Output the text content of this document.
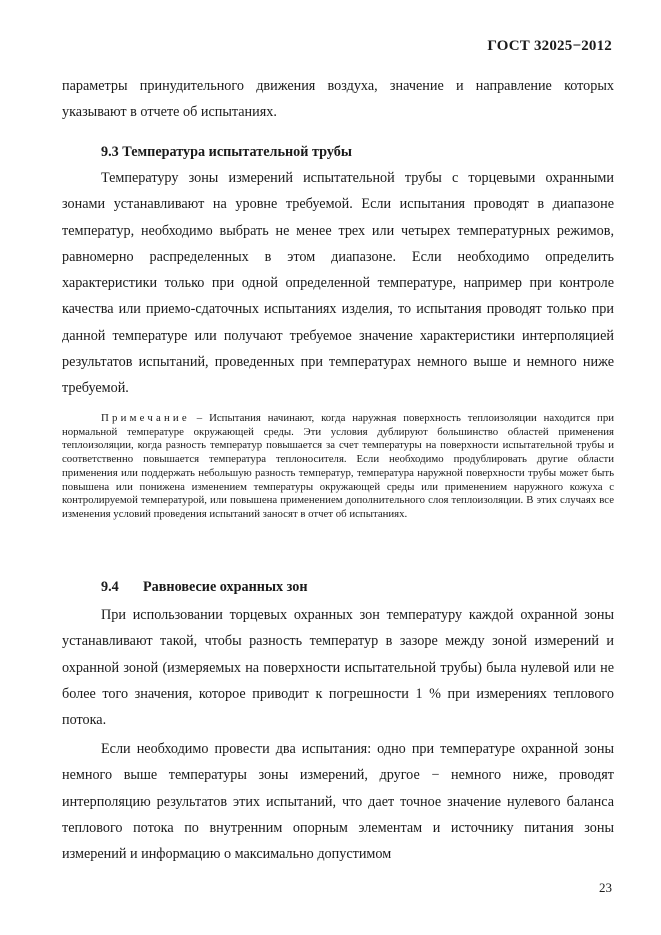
ГОСТ 32025−2012

параметры принудительного движения воздуха, значение и направление которых указывают в отчете об испытаниях.

9.3 Температура испытательной трубы

Температуру зоны измерений испытательной трубы с торцевыми охранными зонами устанавливают на уровне требуемой. Если испытания проводят в диапазоне температур, необходимо выбрать не менее трех или четырех температурных режимов, равномерно распределенных в этом диапазоне. Если необходимо определить характеристики только при одной определенной температуре, например при контроле качества или приемо-сдаточных испытаниях изделия, то испытания проводят только при данной температуре или получают требуемое значение характеристики интерполяцией результатов испытаний, проведенных при температурах немного выше и немного ниже требуемой.

Примечание – Испытания начинают, когда наружная поверхность теплоизоляции находится при нормальной температуре окружающей среды. Эти условия дублируют большинство областей применения теплоизоляции, когда разность температур повышается за счет температуры на поверхности испытательной трубы и соответственно повышается температура теплоносителя. Если необходимо продублировать другие области применения или поддержать небольшую разность температур, температура наружной поверхности трубы может быть повышена или понижена изменением температуры окружающей среды или применением наружного кожуха с контролируемой температурой, или повышена применением дополнительного слоя теплоизоляции. В этих случаях все изменения условий проведения испытаний заносят в отчет об испытаниях.

9.4 Равновесие охранных зон

При использовании торцевых охранных зон температуру каждой охранной зоны устанавливают такой, чтобы разность температур в зазоре между зоной измерений и охранной зоной (измеряемых на поверхности испытательной трубы) была нулевой или не более того значения, которое приводит к погрешности 1 % при измерениях теплового потока.

Если необходимо провести два испытания: одно при температуре охранной зоны немного выше температуры зоны измерений, другое − немного ниже, проводят интерполяцию результатов этих испытаний, что дает точное значение нулевого баланса теплового потока по внутренним опорным элементам и источнику питания зоны измерений и информацию о максимально допустимом

23
